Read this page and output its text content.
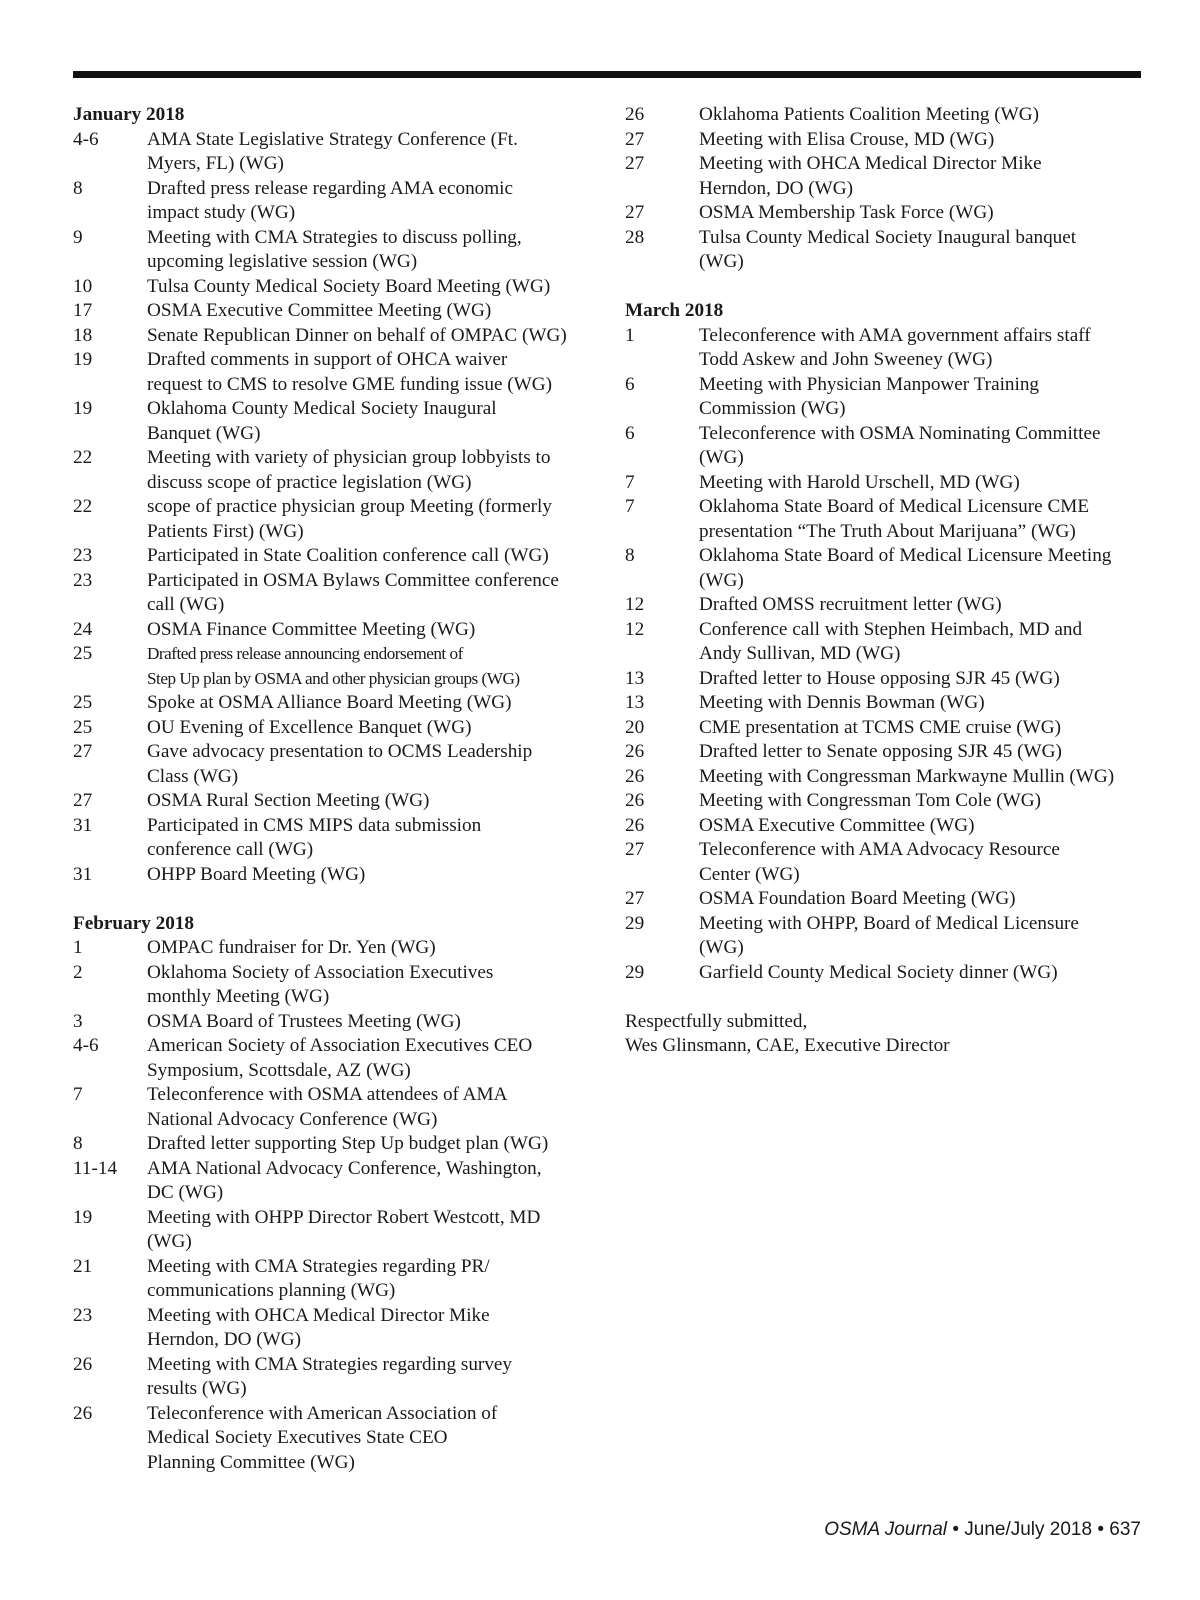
January 2018
4-6	AMA State Legislative Strategy Conference (Ft.
Myers, FL) (WG)
8	Drafted press release regarding AMA economic
impact study (WG)
9	Meeting with CMA Strategies to discuss polling,
upcoming legislative session (WG)
10	Tulsa County Medical Society Board Meeting (WG)
17	OSMA Executive Committee Meeting (WG)
18	Senate Republican Dinner on behalf of OMPAC (WG)
19	Drafted comments in support of OHCA waiver
request to CMS to resolve GME funding issue (WG)
19	Oklahoma County Medical Society Inaugural
Banquet (WG)
22	Meeting with variety of physician group lobbyists to
discuss scope of practice legislation (WG)
22	scope of practice physician group Meeting (formerly
Patients First) (WG)
23	Participated in State Coalition conference call (WG)
23	Participated in OSMA Bylaws Committee conference
call (WG)
24	OSMA Finance Committee Meeting (WG)
25	Drafted press release announcing endorsement of
Step Up plan by OSMA and other physician groups (WG)
25	Spoke at OSMA Alliance Board Meeting (WG)
25	OU Evening of Excellence Banquet (WG)
27	Gave advocacy presentation to OCMS Leadership
Class (WG)
27	OSMA Rural Section Meeting (WG)
31	Participated in CMS MIPS data submission
conference call (WG)
31	OHPP Board Meeting (WG)
February 2018
1	OMPAC fundraiser for Dr. Yen (WG)
2	Oklahoma Society of Association Executives
monthly Meeting (WG)
3	OSMA Board of Trustees Meeting (WG)
4-6	American Society of Association Executives CEO
Symposium, Scottsdale, AZ (WG)
7	Teleconference with OSMA attendees of AMA
National Advocacy Conference (WG)
8	Drafted letter supporting Step Up budget plan (WG)
11-14	AMA National Advocacy Conference, Washington,
DC (WG)
19	Meeting with OHPP Director Robert Westcott, MD
(WG)
21	Meeting with CMA Strategies regarding PR/
communications planning (WG)
23	Meeting with OHCA Medical Director Mike
Herndon, DO (WG)
26	Meeting with CMA Strategies regarding survey
results (WG)
26	Teleconference with American Association of
Medical Society Executives State CEO
Planning Committee (WG)
26	Oklahoma Patients Coalition Meeting (WG)
27	Meeting with Elisa Crouse, MD (WG)
27	Meeting with OHCA Medical Director Mike
Herndon, DO (WG)
27	OSMA Membership Task Force (WG)
28	Tulsa County Medical Society Inaugural banquet
(WG)
March 2018
1	Teleconference with AMA government affairs staff
Todd Askew and John Sweeney (WG)
6	Meeting with Physician Manpower Training
Commission (WG)
6	Teleconference with OSMA Nominating Committee
(WG)
7	Meeting with Harold Urschell, MD (WG)
7	Oklahoma State Board of Medical Licensure CME
presentation “The Truth About Marijuana” (WG)
8	Oklahoma State Board of Medical Licensure Meeting
(WG)
12	Drafted OMSS recruitment letter (WG)
12	Conference call with Stephen Heimbach, MD and
Andy Sullivan, MD (WG)
13	Drafted letter to House opposing SJR 45 (WG)
13	Meeting with Dennis Bowman (WG)
20	CME presentation at TCMS CME cruise (WG)
26	Drafted letter to Senate opposing SJR 45 (WG)
26	Meeting with Congressman Markwayne Mullin (WG)
26	Meeting with Congressman Tom Cole (WG)
26	OSMA Executive Committee (WG)
27	Teleconference with AMA Advocacy Resource
Center (WG)
27	OSMA Foundation Board Meeting (WG)
29	Meeting with OHPP, Board of Medical Licensure
(WG)
29	Garfield County Medical Society dinner (WG)

Respectfully submitted,

Wes Glinsmann, CAE, Executive Director

OSMA Journal • June/July 2018 • 637
